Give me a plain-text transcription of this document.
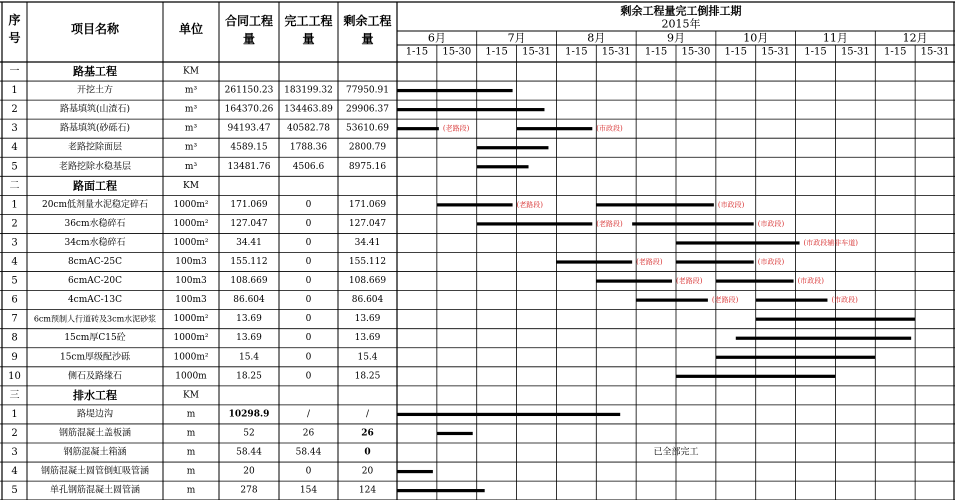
序
号
项目名称	单位
合同工程
量
完工工程
量
剩余工程
量
剩余工程量完工倒排工期
2015年
6月	7月	8月	9月	10月	11月	12月
1-15 15-30 1-15 15-31 1-15 15-31 1-15 15-30 1-15 15-31 1-15 15-31 1-15 15-31
一	路基工程	KM
1	开挖土方	m³	261150.23 183199.32 77950.91
2	路基填筑(山渣石)	m³	164370.26 134463.89 29906.37
3	路基填筑(砂砾石)	m³	94193.47 40582.78 53610.69
4	老路挖除面层	m³	4589.15 1788.36 2800.79
5	老路挖除水稳基层	m³	13481.76 4506.6	8975.16
二	路面工程	KM
1	20cm低剂量水泥稳定碎石	1000m² 171.069	0	171.069
2	36cm水稳碎石	1000m² 127.047	0	127.047
3	34cm水稳碎石	1000m²	34.41	0	34.41
4	8cmAC-25C	100m3	155.112	0	155.112
5	6cmAC-20C	100m3	108.669	0	108.669
6	4cmAC-13C	100m3	86.604	0	86.604
7 6cm预制人行道砖及3cm水泥砂浆 1000m²	13.69	0	13.69
8	15cm厚C15砼	1000m²	13.69	0	13.69
9	15cm厚级配沙砾	1000m²	15.4	0	15.4
10	侧石及路缘石	1000m	18.25	0	18.25
三	排水工程	KM
1	路堤边沟	m	10298.9	/	/
2	钢筋混凝土盖板涵	m	52	26	26
3	钢筋混凝土箱涵	m	58.44	58.44	0
4	钢筋混凝土圆管倒虹吸管涵	m	20	0	20
5	单孔钢筋混凝土圆管涵	m	278	154	124
(老路段)	(市政段)
(老路段)	(市政段)
(老路段)	(市政段)
(市政段辅非车道)
(老路段)	(市政段)
(老路段)	(市政段)
(老路段)	(市政段)
已全部完工
